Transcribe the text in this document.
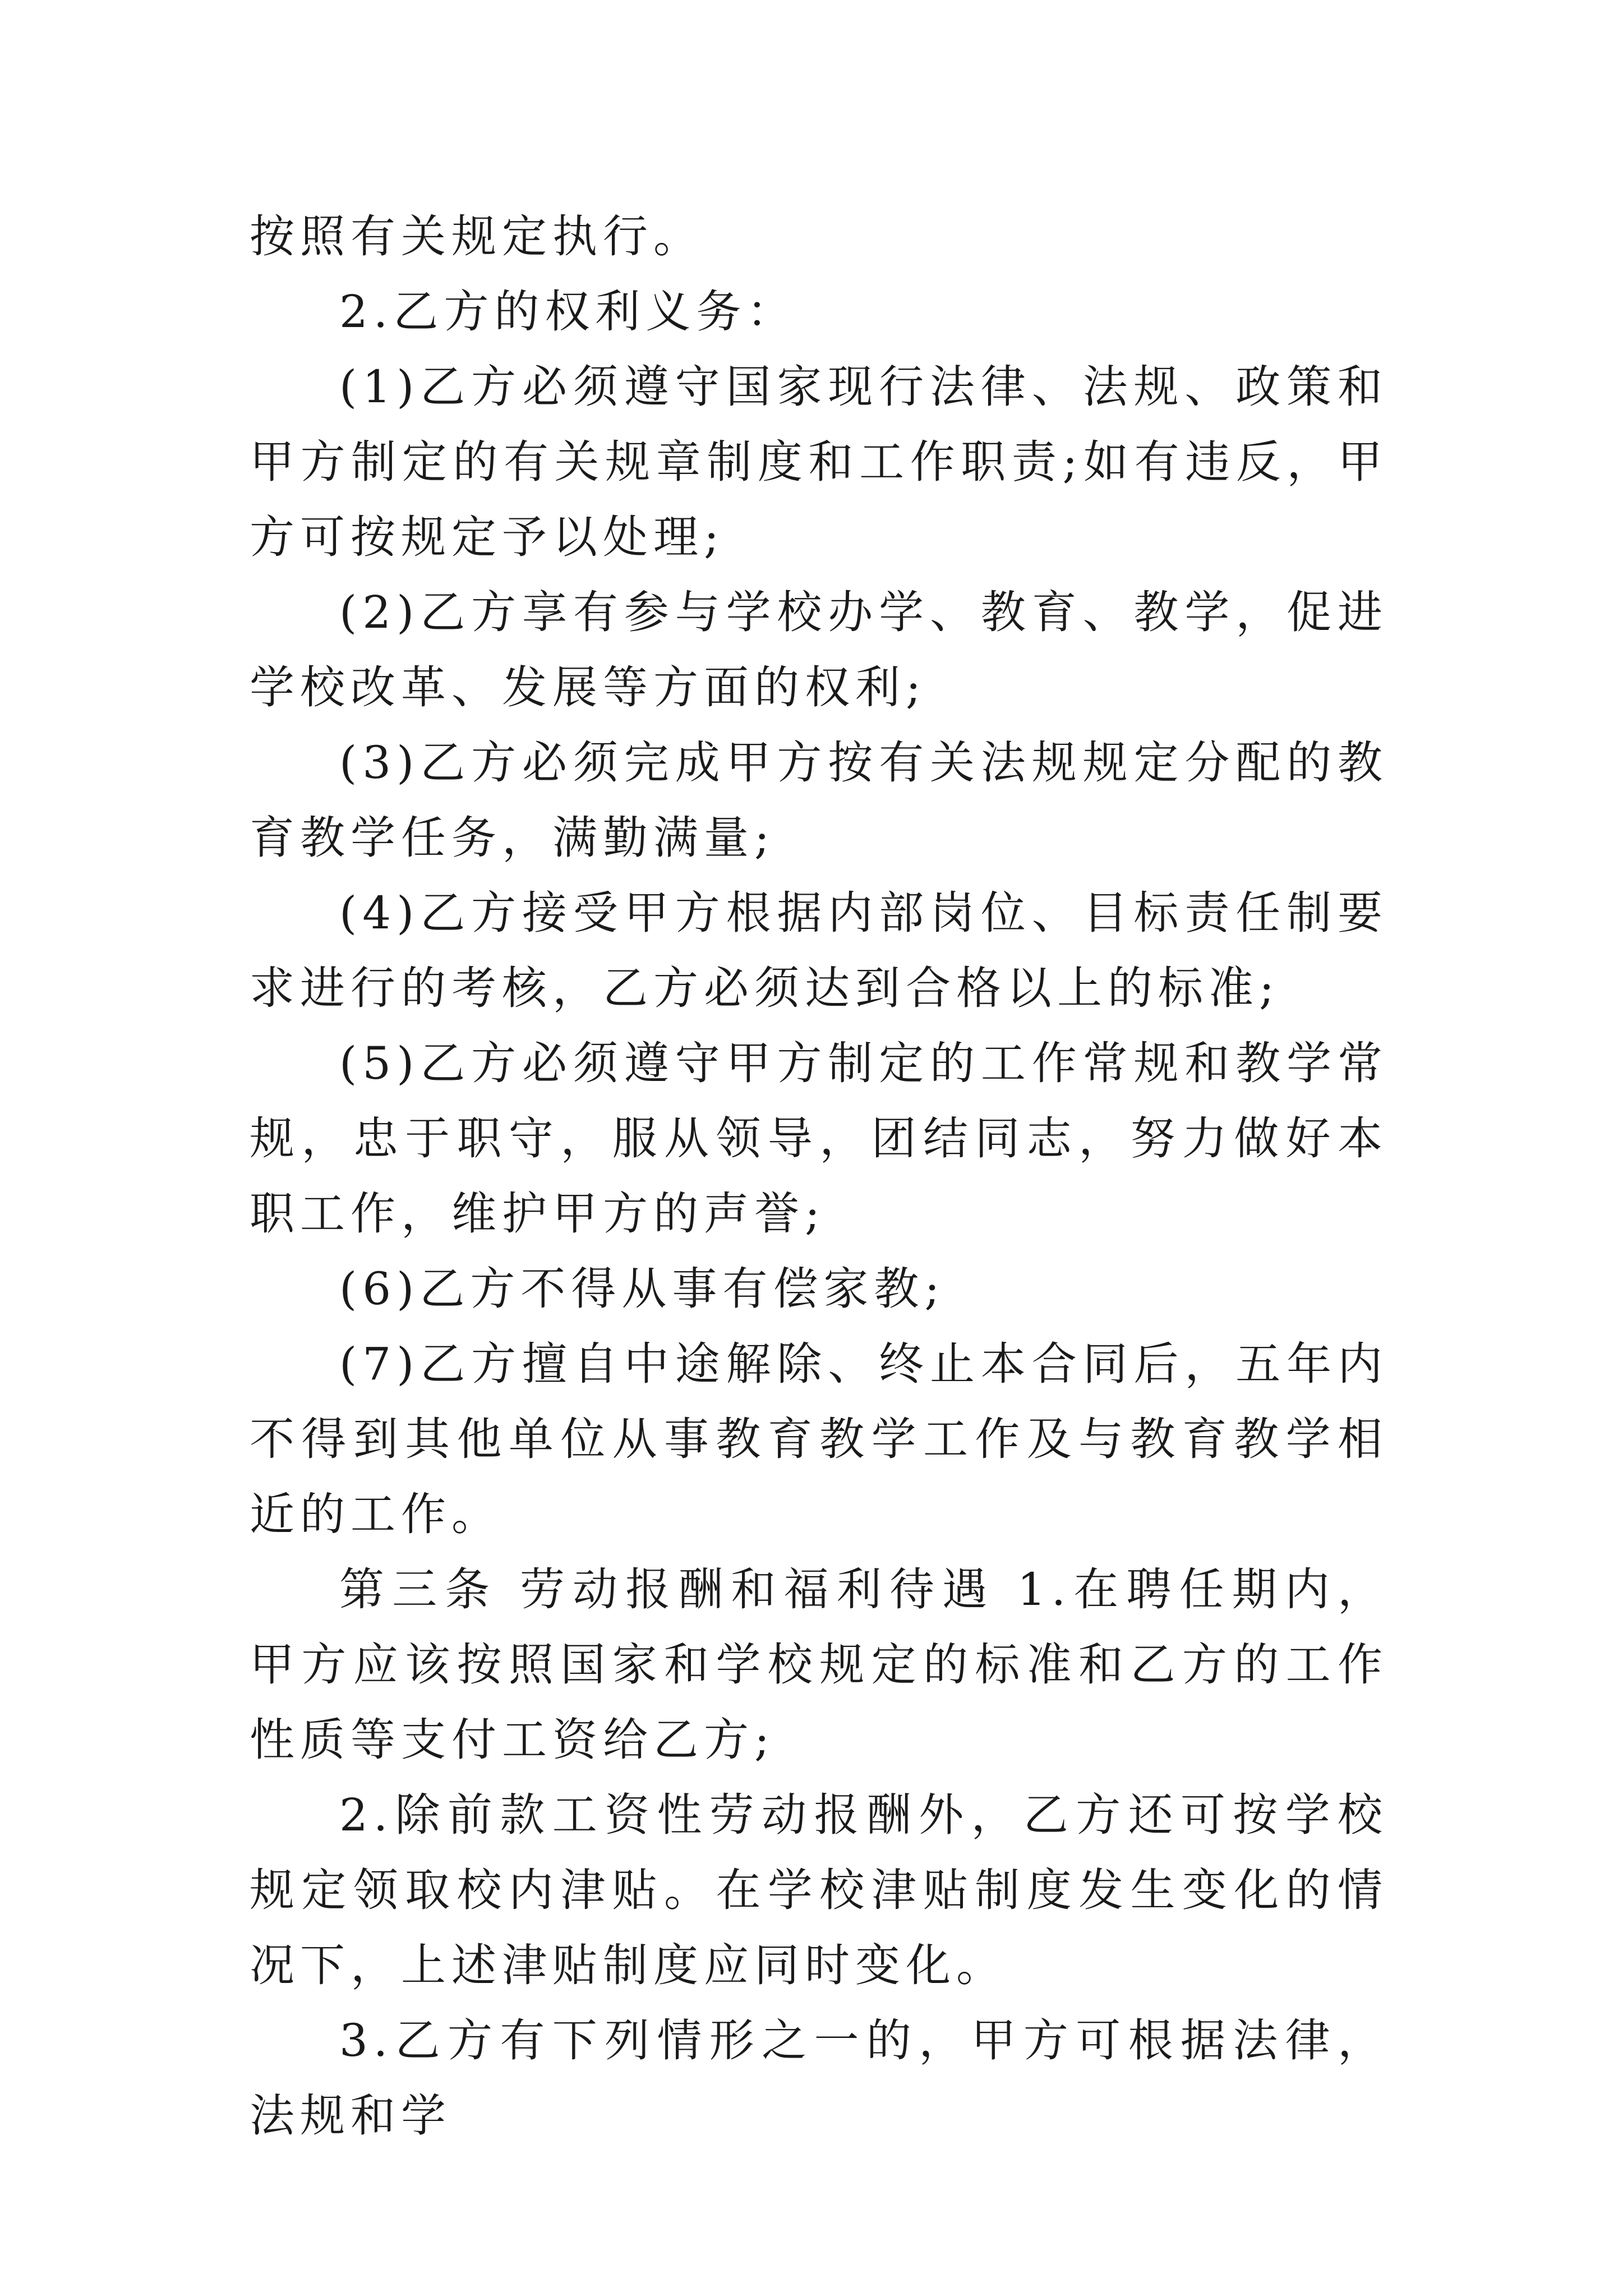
按照有关规定执行。

2.乙方的权利义务：

(1)乙方必须遵守国家现行法律、法规、政策和甲方制定的有关规章制度和工作职责;如有违反，甲方可按规定予以处理;

(2)乙方享有参与学校办学、教育、教学，促进学校改革、发展等方面的权利;

(3)乙方必须完成甲方按有关法规规定分配的教育教学任务，满勤满量;

(4)乙方接受甲方根据内部岗位、目标责任制要求进行的考核，乙方必须达到合格以上的标准;

(5)乙方必须遵守甲方制定的工作常规和教学常规，忠于职守，服从领导，团结同志，努力做好本职工作，维护甲方的声誉;

(6)乙方不得从事有偿家教;

(7)乙方擅自中途解除、终止本合同后，五年内不得到其他单位从事教育教学工作及与教育教学相近的工作。

第三条 劳动报酬和福利待遇 1.在聘任期内，甲方应该按照国家和学校规定的标准和乙方的工作性质等支付工资给乙方;

2.除前款工资性劳动报酬外，乙方还可按学校规定领取校内津贴。在学校津贴制度发生变化的情况下，上述津贴制度应同时变化。

3.乙方有下列情形之一的，甲方可根据法律，法规和学
